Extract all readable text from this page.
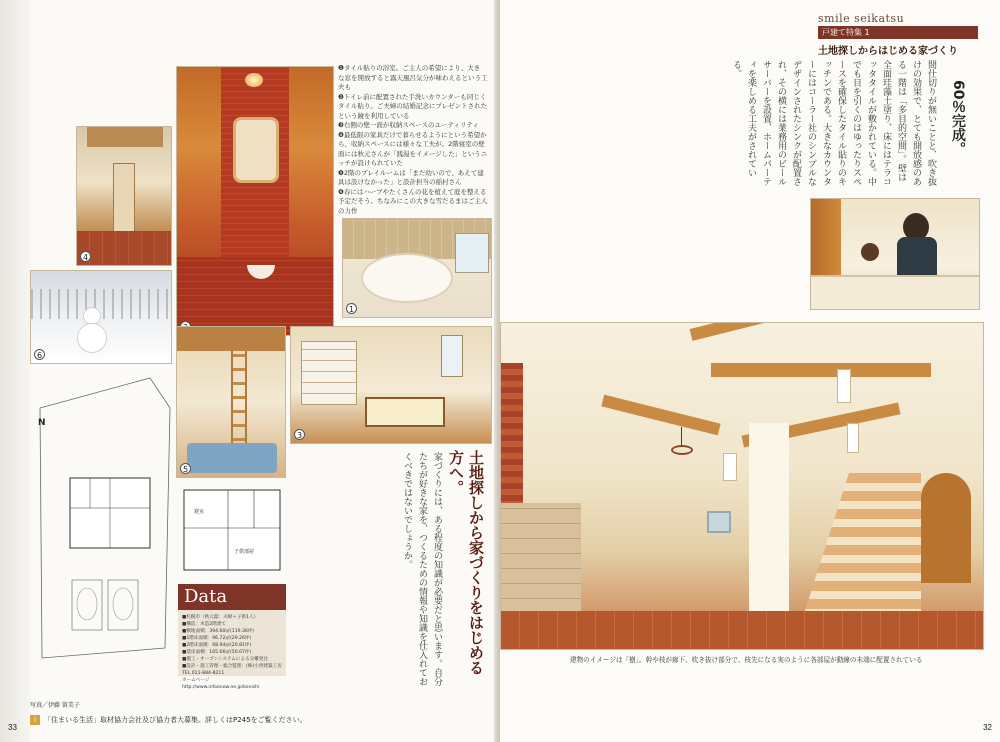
4
6
❶タイル貼りの浴室。ご主人の希望により、大き な窓を開放すると露天風呂気分が味わえるという工夫も
❷トイレ前に配置された手洗いカウンターも同じくタイル貼り。ご夫婦の結婚記念にプレゼントされたという鏡を利用している
❸右側の壁一面が収納スペースのユーティリティ
❹最低限の家具だけで暮らせるようにという希望から、収納スペースには様々な工夫が。2階寝室の壁面には秋元さんが「銭湯をイメージした」というニッチが設けられていた
❺2階のプレイルームは「まだ幼いので、あえて建具は設けなかった」と設計担当の稲村さん
❻春にはハーブやたくさんの花を植えて庭を整える予定だそう。ちなみにこの大きな雪だるまはご主人の力作
1
5
3
N
寝室
子供部屋
Data
■札幌市（秋元邸：夫婦＋子供1人）
■構造：木造2階建て
■敷地面積：394.60㎡(119.36坪)
■1階床面積：96.72㎡(29.26坪)
■2階床面積：68.94㎡(20.81坪)
■延床面積：165.66㎡(50.07坪)
■施工・オープンシステムによる分離発注
■設計・施工管理・総合監理：(株)小西建築工房
TEL 011-884-8211
ホームページ http://www.infoonow.ne.jp/konishi
土地探しから家づくりをはじめる方へ。
家づくりには、ある程度の知識が必要だと思います。自分たちが好きな家を、つくるための情報や知識を仕入れておくべきではないでしょうか。
写真／伊藤 留美子
i	「住まいる生活」取材協力会社及び協力者大募集。詳しくはP245をご覧ください。
33
smile seikatsu
戸建て特集 1
土地探しからはじめる家づくり
間仕切りが無いことと、吹き抜けの効果で、とても開放感のある一階は「多目的空間」。壁は全面珪藻土塗り、床にはテラコッタタイルが敷かれている。中でも目を引くのはゆったりスペースを確保したタイル貼りのキッチンである。大きなカウンターにはコーラー社のシンプルなデザインされたシンクが配置され、その横には業務用のビールサーバーを設置、ホームパーティを楽しめる工夫がされている。
60％完成。
建物のイメージは「樹」。幹や枝が廊下、吹き抜け部分で、枝先になる実のように各部屋が動線の末端に配置されている
32
